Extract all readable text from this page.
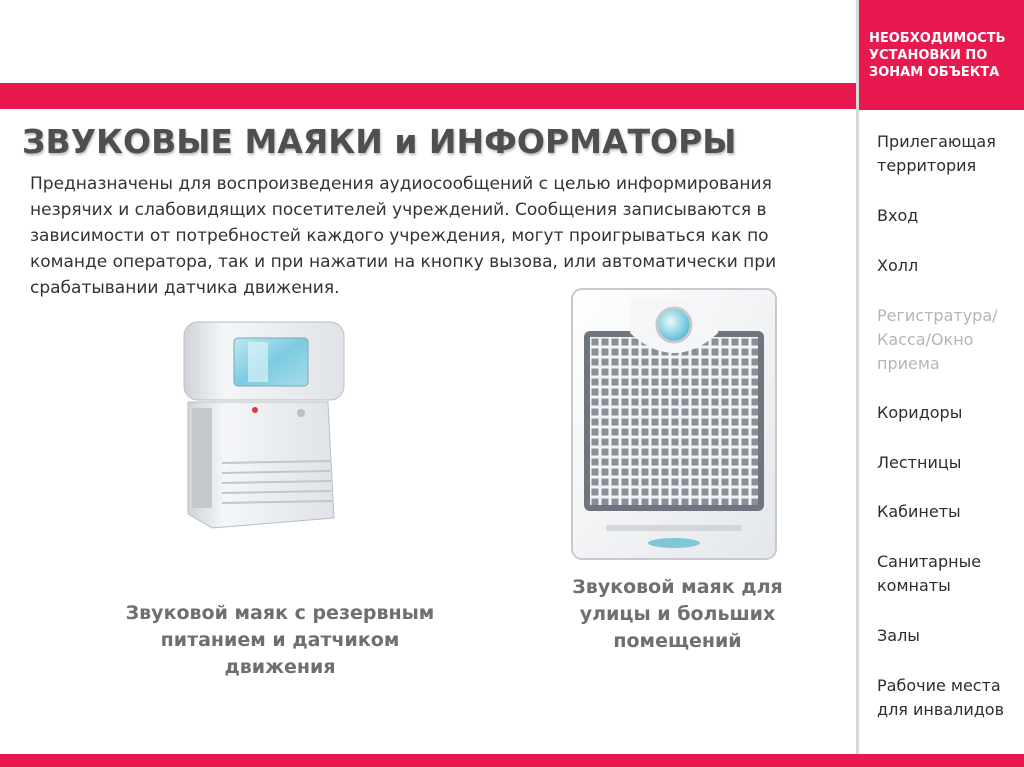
ЗВУКОВЫЕ МАЯКИ и ИНФОРМАТОРЫ

Предназначены для воспроизведения аудиосообщений с целью информирования незрячих и слабовидящих посетителей учреждений. Сообщения записываются в зависимости от потребностей каждого учреждения, могут проигрываться как по команде оператора, так и при нажатии на кнопку вызова, или автоматически при срабатывании датчика движения.

Звуковой маяк с резервным питанием и датчиком движения
Звуковой маяк для улицы и больших помещений
НЕОБХОДИМОСТЬ УСТАНОВКИ ПО ЗОНАМ ОБЪЕКТА
Прилегающая территория
Вход
Холл
Регистратура/ Касса/Окно приема
Коридоры
Лестницы
Кабинеты
Санитарные комнаты
Залы
Рабочие места для инвалидов
